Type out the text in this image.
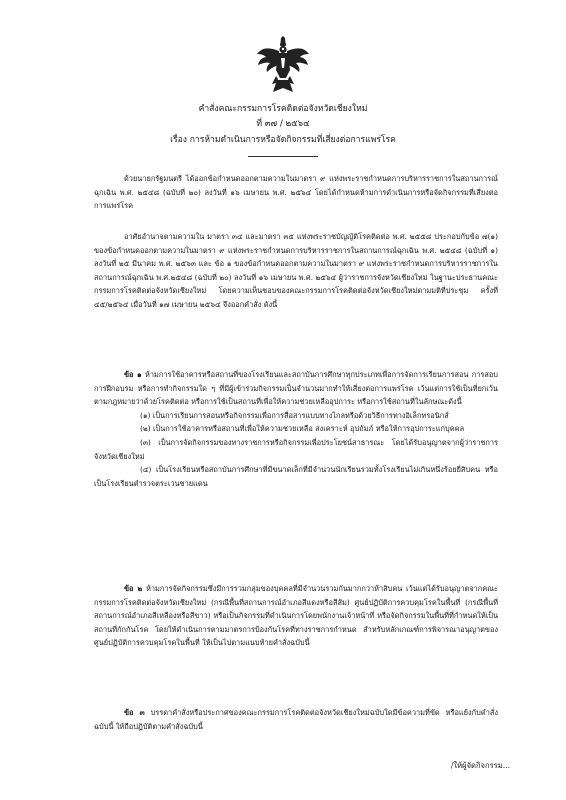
คำสั่งคณะกรรมการโรคติดต่อจังหวัดเชียงใหม่
ที่ ๓๗ / ๒๕๖๔
เรื่อง การห้ามดำเนินการหรือจัดกิจกรรมที่เสี่ยงต่อการแพร่โรค

ด้วยนายกรัฐมนตรี ได้ออกข้อกำหนดออกตามความในมาตรา ๙ แห่งพระราชกำหนดการบริหารราชการในสถานการณ์ฉุกเฉิน พ.ศ. ๒๕๔๘ (ฉบับที่ ๒๐) ลงวันที่ ๑๖ เมษายน พ.ศ. ๒๕๖๔ โดยได้กำหนดห้ามการดำเนินการหรือจัดกิจกรรมที่เสี่ยงต่อการแพร่โรค

อาศัยอำนาจตามความใน มาตรา ๓๔ และมาตรา ๓๕ แห่งพระราชบัญญัติโรคติดต่อ พ.ศ. ๒๕๕๘ ประกอบกับข้อ ๗(๑) ของข้อกำหนดออกตามความในมาตรา ๙ แห่งพระราชกำหนดการบริหารราชการในสถานการณ์ฉุกเฉิน พ.ศ. ๒๕๔๘ (ฉบับที่ ๑) ลงวันที่ ๒๕ มีนาคม พ.ศ. ๒๕๖๓ และ ข้อ ๑ ของข้อกำหนดออกตามความในมาตรา ๙ แห่งพระราชกำหนดการบริหารราชการในสถานการณ์ฉุกเฉิน พ.ศ.๒๕๔๘ (ฉบับที่ ๒๐) ลงวันที่ ๑๖ เมษายน พ.ศ. ๒๕๖๔ ผู้ว่าราชการจังหวัดเชียงใหม่ ในฐานะประธานคณะกรรมการโรคติดต่อจังหวัดเชียงใหม่ โดยความเห็นชอบของคณะกรรมการโรคติดต่อจังหวัดเชียงใหม่ตามมติที่ประชุม ครั้งที่ ๔๕/๒๕๖๔ เมื่อวันที่ ๑๗ เมษายน ๒๕๖๔ จึงออกคำสั่ง ดังนี้

ข้อ ๑ ห้ามการใช้อาคารหรือสถานที่ของโรงเรียนและสถาบันการศึกษาทุกประเภทเพื่อการจัดการเรียนการสอน การสอบ การฝึกอบรม หรือการทำกิจกรรมใด ๆ ที่มีผู้เข้าร่วมกิจกรรมเป็นจำนวนมากทำให้เสี่ยงต่อการแพร่โรค เว้นแต่การใช้เป็นที่ยกเว้นตามกฎหมายว่าด้วยโรคติดต่อ หรือการใช้เป็นสถานที่เพื่อให้ความช่วยเหลืออุปการะ หรือการใช้สถานที่ในลักษณะดังนี้

(๑) เป็นการเรียนการสอนหรือกิจกรรมเพื่อการสื่อสารแบบทางไกลหรือด้วยวิธีการทางอิเล็กทรอนิกส์

(๒) เป็นการใช้อาคารหรือสถานที่เพื่อให้ความช่วยเหลือ สงเคราะห์ อุปถัมภ์ หรือให้การอุปการะแก่บุคคล

(๓) เป็นการจัดกิจกรรมของทางราชการหรือกิจกรรมเพื่อประโยชน์สาธารณะ โดยได้รับอนุญาตจากผู้ว่าราชการจังหวัดเชียงใหม่

(๔) เป็นโรงเรียนหรือสถาบันการศึกษาที่มีขนาดเล็กที่มีจำนวนนักเรียนรวมทั้งโรงเรียนไม่เกินหนึ่งร้อยยี่สิบคน หรือเป็นโรงเรียนตำรวจตระเวนชายแดน

ข้อ ๒ ห้ามการจัดกิจกรรมซึ่งมีการรวมกลุ่มของบุคคลที่มีจำนวนรวมกันมากกว่าห้าสิบคน เว้นแต่ได้รับอนุญาตจากคณะกรรมการโรคติดต่อจังหวัดเชียงใหม่ (กรณีพื้นที่สถานการณ์อำเภอสีแดงหรือสีส้ม) ศูนย์ปฏิบัติการควบคุมโรคในพื้นที่ (กรณีพื้นที่สถานการณ์อำเภอสีเหลืองหรือสีขาว) หรือเป็นกิจกรรมที่ดำเนินการโดยพนักงานเจ้าหน้าที่ หรือจัดกิจกรรมในพื้นที่ที่กำหนดให้เป็นสถานที่กักกันโรค โดยให้ดำเนินการตามมาตรการป้องกันโรคที่ทางราชการกำหนด สำหรับหลักเกณฑ์การพิจารณาอนุญาตของศูนย์ปฏิบัติการควบคุมโรคในพื้นที่ ให้เป็นไปตามแนบท้ายคำสั่งฉบับนี้

ข้อ ๓ บรรดาคำสั่งหรือประกาศของคณะกรรมการโรคติดต่อจังหวัดเชียงใหม่ฉบับใดมีข้อความที่ขัด หรือแย้งกับคำสั่งฉบับนี้ ให้ถือปฏิบัติตามคำสั่งฉบับนี้

/ให้ผู้จัดกิจกรรม...
